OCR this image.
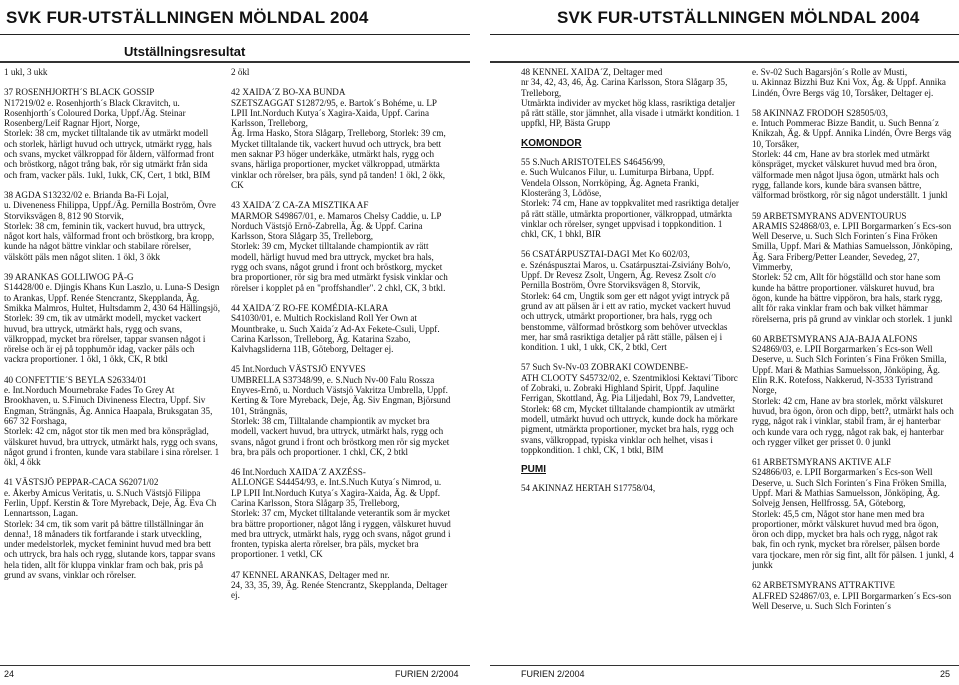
SVK FUR-UTSTÄLLNINGEN MÖLNDAL 2004	SVK FUR-UTSTÄLLNINGEN MÖLNDAL 2004
Utställningsresultat
1 ukl, 3 ukk
37 ROSENHJORTH´S BLACK GOSSIP
N17219/02 e. Rosenhjorth´s Black Ckravitch, u. Rosenhjorth´s Coloured Dorka, Uppf./Äg. Steinar Rosenberg/Leif Ragnar Hjort, Norge,
Storlek: 38 cm, mycket tilltalande tik av utmärkt modell och storlek, härligt huvud och uttryck, utmärkt rygg, hals och svans, mycket välkroppad för åldern, välformad front och bröstkorg, något trång bak, rör sig utmärkt från sida och fram, vacker päls. 1ukl, 1ukk, CK, Cert, 1 btkl, BIM
38 AGDA S13232/02 e. Brianda Ba-Fi Lojal,
u. Diveneness Fhilippa, Uppf./Äg. Pernilla Boström, Övre Storviksvägen 8, 812 90 Storvik,
Storlek: 38 cm, feminin tik, vackert huvud, bra uttryck, något kort hals, välformad front och bröstkorg, bra kropp, kunde ha något bättre vinklar och stabilare rörelser, välskött päls men något sliten. 1 ökl, 3 ökk
39 ARANKAS GOLLIWOG PÅ-G
S14428/00 e. Djingis Khans Kun Laszlo, u. Luna-S Design to Arankas, Uppf. Renée Stencrantz, Skepplanda, Äg. Smikka Malmros, Hultet, Hultsdamm 2, 430 64 Hällingsjö,
Storlek: 39 cm, tik av utmärkt modell, mycket vackert huvud, bra uttryck, utmärkt hals, rygg och svans, välkroppad, mycket bra rörelser, tappar svansen något i rörelse och är ej på topphumör idag, vacker päls och vackra proportioner. 1 ökl, 1 ökk, CK, R btkl
40 CONFETTIE´S BEYLA S26334/01
e. Int.Norduch Mournebrake Fades To Grey At Brookhaven, u. S.Finuch Divineness Electra, Uppf. Siv Engman, Strängnäs, Äg. Annica Haapala, Bruksgatan 35, 667 32 Forshaga,
Storlek: 42 cm, något stor tik men med bra könspräglad, välskuret huvud, bra uttryck, utmärkt hals, rygg och svans, något grund i fronten, kunde vara stabilare i sina rörelser. 1 ökl, 4 ökk
41 VÄSTSJÖ PEPPAR-CACA S62071/02
e. Åkerby Amicus Veritatis, u. S.Nuch Västsjö Filippa Ferlin, Uppf. Kerstin & Tore Myreback, Deje, Äg. Eva Ch Lennartsson, Lagan.
Storlek: 34 cm, tik som varit på bättre tillställningar än denna!, 18 månaders tik fortfarande i stark utveckling, under medelstorlek, mycket feminint huvud med bra bett och uttryck, bra hals och rygg, slutande kors, tappar svans hela tiden, allt för kluppa vinklar fram och bak, pris på grund av svans, vinklar och rörelser.
2 ökl
42 XAIDA´Z BO-XA BUNDA
SZETSZAGGAT S12872/95, e. Bartok´s Bohéme, u. LP LPII Int.Norduch Kutya´s Xagira-Xaida, Uppf. Carina Karlsson, Trelleborg,
Äg. Irma Hasko, Stora Slågarp, Trelleborg, Storlek: 39 cm, Mycket tilltalande tik, vackert huvud och uttryck, bra bett men saknar P3 höger underkäke, utmärkt hals, rygg och svans, härliga proportioner, mycket välkroppad, utmärkta vinklar och rörelser, bra päls, synd på tanden! 1 ökl, 2 ökk, CK
43 XAIDA´Z CA-ZA MISZTIKA AF
MARMOR S49867/01, e. Mamaros Chelsy Caddie, u. LP Norduch Västsjö Ernö-Zabrella, Äg. & Uppf. Carina Karlsson, Stora Slågarp 35, Trelleborg,
Storlek: 39 cm, Mycket tilltalande championtik av rätt modell, härligt huvud med bra uttryck, mycket bra hals, rygg och svans, något grund i front och bröstkorg, mycket bra proportioner, rör sig bra med utmärkt fysisk vinklar och rörelser i kopplet på en "proffshandler". 2 chkl, CK, 3 btkl.
44 XAIDA´Z RO-FE KOMÉDIA-KLARA
S41030/01, e. Multich Rockisland Roll Yer Own at Mountbrake, u. Such Xaida´z Ad-Ax Fekete-Csuli, Uppf. Carina Karlsson, Trelleborg, Äg. Katarina Szabo, Kalvhagsliderna 11B, Göteborg, Deltager ej.
45 Int.Norduch VÄSTSJÖ ENYVES
UMBRELLA S37348/99, e. S.Nuch Nv-00 Falu Rossza Enyves-Ernö, u. Norduch Västsjö Vakritza Umbrella, Uppf. Kerting & Tore Myreback, Deje, Äg. Siv Engman, Björsund 101, Strängnäs,
Storlek: 38 cm, Tilltalande championtik av mycket bra modell, vackert huvud, bra uttryck, utmärkt hals, rygg och svans, något grund i front och bröstkorg men rör sig mycket bra, bra päls och proportioner. 1 chkl, CK, 2 btkl
46 Int.Norduch XAIDA´Z AXZÉSS-
ALLONGE S44454/93, e. Int.S.Nuch Kutya´s Nimrod, u. LP LPII Int.Norduch Kutya´s Xagira-Xaida, Äg. & Uppf. Carina Karlsson, Stora Slågarp 35, Trelleborg,
Storlek: 37 cm, Mycket tilltalande veterantik som är mycket bra bättre proportioner, något lång i ryggen, välskuret huvud med bra uttryck, utmärkt hals, rygg och svans, något grund i fronten, typiska alerta rörelser, bra päls, mycket bra proportioner. 1 vetkl, CK
47 KENNEL ARANKAS, Deltager med nr.
24, 33, 35, 39, Äg. Renée Stencrantz, Skepplanda, Deltager ej.
48 KENNEL XAIDA´Z, Deltager med
nr 34, 42, 43, 46, Äg. Carina Karlsson, Stora Slågarp 35, Trelleborg,
Utmärkta individer av mycket hög klass, rasriktiga detaljer på rätt ställe, stor jämnhet, alla visade i utmärkt kondition. 1 uppfkl, HP, Bästa Grupp
KOMONDOR
55 S.Nuch ARISTOTELES S46456/99,
e. Such Wulcanos Filur, u. Lumiturpa Birbana, Uppf. Vendela Olsson, Norrköping, Äg. Agneta Franki, Klosteräng 3, Lödöse,
Storlek: 74 cm, Hane av toppkvalitet med rasriktiga detaljer på rätt ställe, utmärkta proportioner, välkroppad, utmärkta vinklar och rörelser, synget uppvisad i toppkondition. 1 chkl, CK, 1 bhkl, BIR
56 CSATÁRPUSZTAI-DAGI Met Ko 602/03,
e. Szénáspusztai Maros, u. Csatárpusztai-Zsiviány Boh/o, Uppf. Dr Revesz Zsolt, Ungern, Äg. Revesz Zsolt c/o Pernilla Boström, Övre Storviksvägen 8, Storvik,
Storlek: 64 cm, Ungtik som ger ett något yvigt intryck på grund av att pälsen är i ett av ratio, mycket vackert huvud och uttryck, utmärkt proportioner, bra hals, rygg och benstomme, välformad bröstkorg som behöver utvecklas mer, har små rasriktiga detaljer på rätt ställe, pälsen ej i kondition. 1 ukl, 1 ukk, CK, 2 btkl, Cert
57 Such Sv-Nv-03 ZOBRAKI COWDENBE-
ATH CLOOTY S45732/02, e. Szentmiklosi Kektavi´Tiborc of Zobraki, u. Zobraki Highland Spirit, Uppf. Jaquline Ferrigan, Skottland, Äg. Pia Liljedahl, Box 79, Landvetter,
Storlek: 68 cm, Mycket tilltalande championtik av utmärkt modell, utmärkt huvud och uttryck, kunde dock ha mörkare pigment, utmärkta proportioner, mycket bra hals, rygg och svans, välkroppad, typiska vinklar och helhet, visas i toppkondition. 1 chkl, CK, 1 btkl, BIM
PUMI
54 AKINNAZ HERTAH S17758/04,
e. Sv-02 Such Bagarsjön´s Rolle av Musti,
u. Akinnaz Bizzhi Buz Kni Vox, Äg. & Uppf. Annika Lindén, Övre Bergs väg 10, Torsåker, Deltager ej.
58 AKINNAZ FRODOH S28505/03,
e. Intuch Pommerac Bizze Bandit, u. Such Benna´z Knikzah, Äg. & Uppf. Annika Lindén, Övre Bergs väg 10, Torsåker,
Storlek: 44 cm, Hane av bra storlek med utmärkt könspräget, mycket välskuret huvud med bra öron, välformade men något ljusa ögon, utmärkt hals och rygg, fallande kors, kunde bära svansen bättre, välformad bröstkorg, rör sig något underställt. 1 junkl
59 ARBETSMYRANS ADVENTOURUS
ARAMIS S24868/03, e. LPII Borgarmarken´s Ecs-son Well Deserve, u. Such Slch Forinten´s Fina Fröken Smilla, Uppf. Mari & Mathias Samuelsson, Jönköping, Äg. Sara Friberg/Petter Leander, Sevedeg, 27, Vimmerby,
Storlek: 52 cm, Allt för högställd och stor hane som kunde ha bättre proportioner. välskuret huvud, bra ögon, kunde ha bättre vippöron, bra hals, stark rygg, allt för raka vinklar fram och bak vilket hämmar rörelserna, pris på grund av vinklar och storlek. 1 junkl
60 ARBETSMYRANS AJA-BAJA ALFONS
S24869/03, e. LPII Borgarmarken´s Ecs-son Well Deserve, u. Such Slch Forinten´s Fina Fröken Smilla, Uppf. Mari & Mathias Samuelsson, Jönköping, Äg. Elin R.K. Rotefoss, Nakkerud, N-3533 Tyristrand Norge,
Storlek: 42 cm, Hane av bra storlek, mörkt välskuret huvud, bra ögon, öron och dipp, bett?, utmärkt hals och rygg, något rak i vinklar, stabil fram, är ej hanterbar och kunde vara och rygg, något rak bak, ej hanterbar och rygger vilket ger prisset 0. 0 junkl
61 ARBETSMYRANS AKTIVE ALF
S24866/03, e. LPII Borgarmarken´s Ecs-son Well Deserve, u. Such Slch Forinten´s Fina Fröken Smilla, Uppf. Mari & Mathias Samuelsson, Jönköping, Äg. Solvejg Jensen, Hellfrossg. 5A, Göteborg,
Storlek: 45,5 cm, Något stor hane men med bra proportioner, mörkt välskuret huvud med bra ögon, öron och dipp, mycket bra hals och rygg, något rak bak, fin och rynk, mycket bra rörelser, pälsen borde vara tjockare, men rör sig fint, allt för pälsen. 1 junkl, 4 junkk
62 ARBETSMYRANS ATTRAKTIVE
ALFRED S24867/03, e. LPII Borgarmarken´s Ecs-son Well Deserve, u. Such Slch Forinten´s
24	FURIEN 2/2004	FURIEN 2/2004	25
